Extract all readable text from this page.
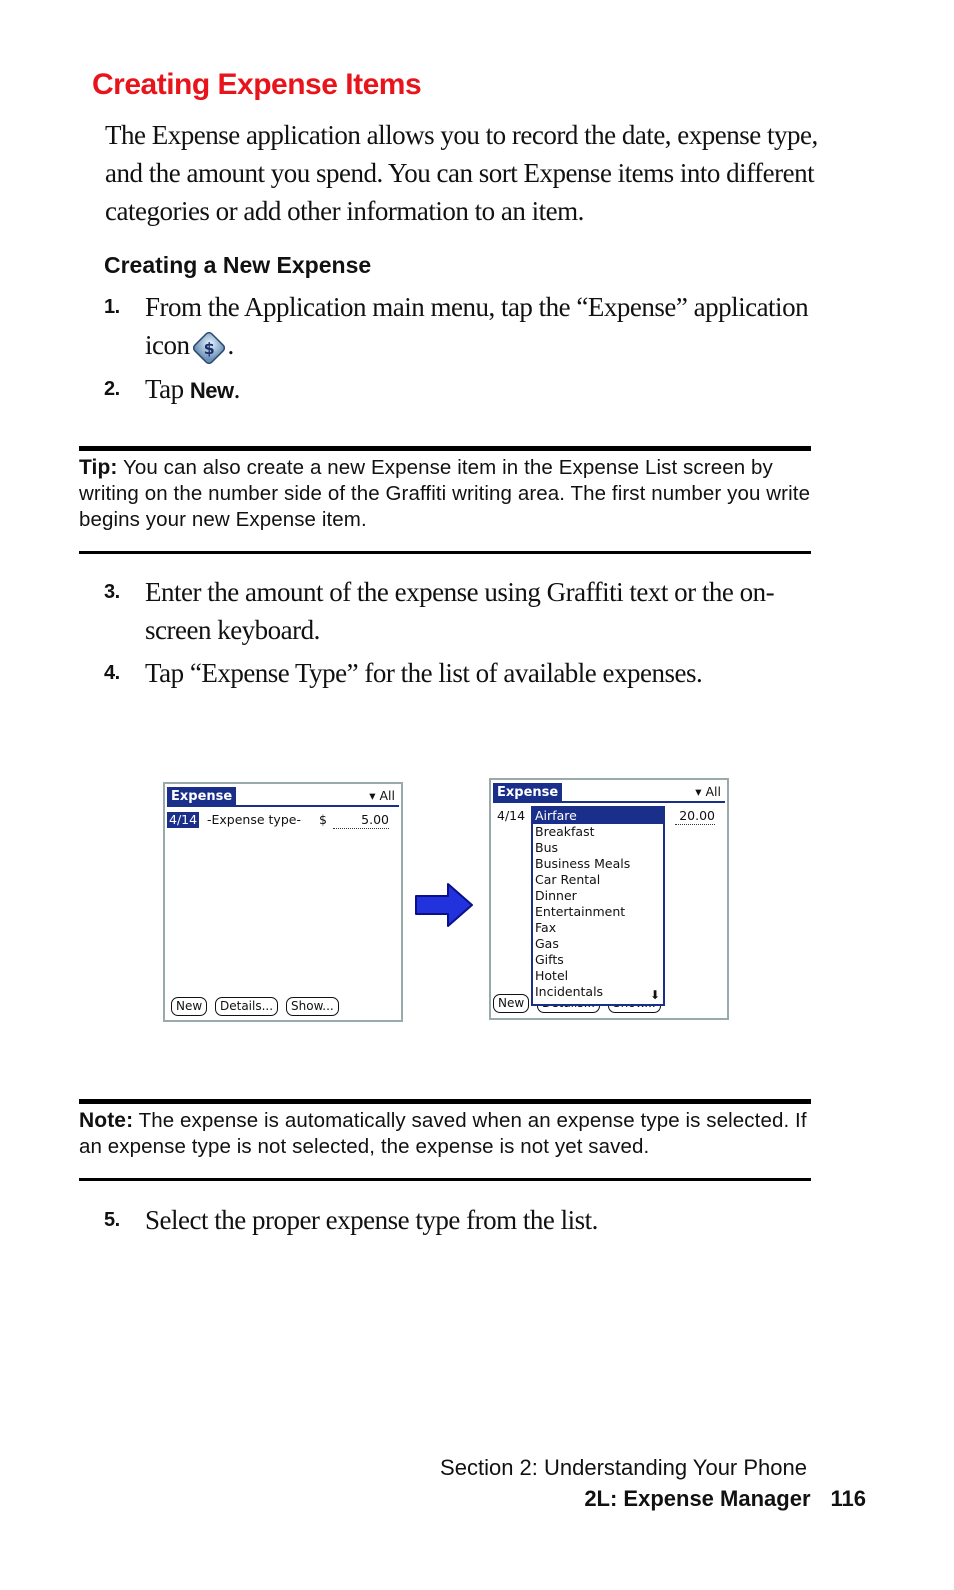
Creating Expense Items
The Expense application allows you to record the date, expense type, and the amount you spend. You can sort Expense items into different categories or add other information to an item.
Creating a New Expense
1. From the Application main menu, tap the “Expense” application icon $ .
2. Tap New.
Tip: You can also create a new Expense item in the Expense List screen by writing on the number side of the Graffiti writing area. The first number you write begins your new Expense item.
3. Enter the amount of the expense using Graffiti text or the on-screen keyboard.
4. Tap “Expense Type” for the list of available expenses.
Expense	▾ All
4/14 -Expense type- $	5.00
New	Details...	Show...
Expense	▾ All
4/14	20.00
New
Airfare
Breakfast
Bus
Business Meals
Car Rental
Dinner
Entertainment
Fax
Gas
Gifts
Hotel
Incidentals	⬇
Note: The expense is automatically saved when an expense type is selected. If an expense type is not selected, the expense is not yet saved.
5. Select the proper expense type from the list.
Section 2: Understanding Your Phone
2L: Expense Manager 116
